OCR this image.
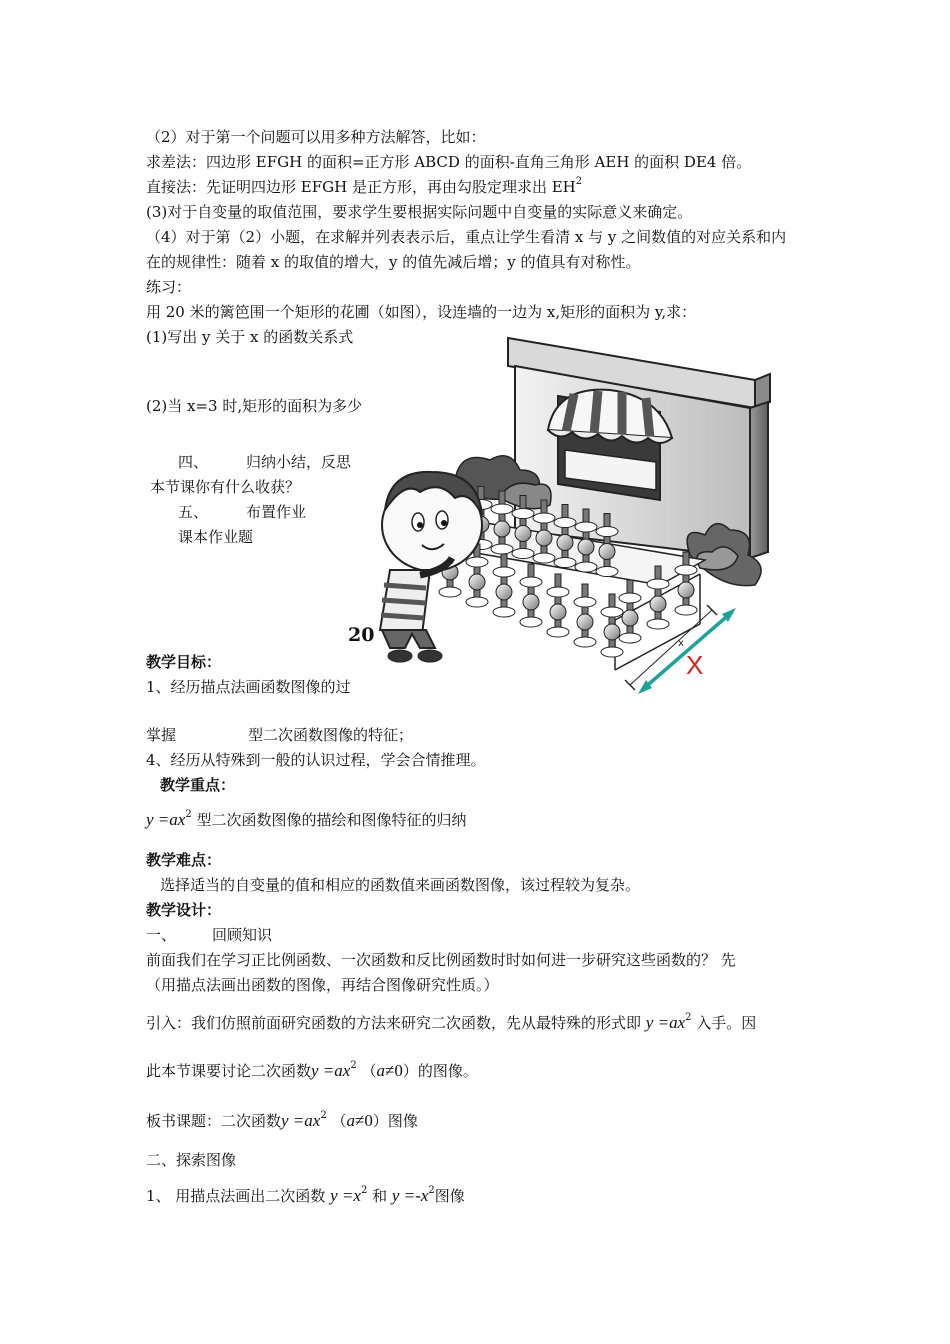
（2）对于第一个问题可以用多种方法解答，比如：
求差法：四边形 EFGH 的面积=正方形 ABCD 的面积-直角三角形 AEH 的面积 DE4 倍。
直接法：先证明四边形 EFGH 是正方形，再由勾股定理求出 $EH^2$
(3)对于自变量的取值范围，要求学生要根据实际问题中自变量的实际意义来确定。
（4）对于第（2）小题，在求解并列表表示后，重点让学生看清 x 与 y 之间数值的对应关系和内
在的规律性：随着 x 的取值的增大，y 的值先减后增；y 的值具有对称性。
练习：
用 20 米的篱笆围一个矩形的花圃（如图），设连墙的一边为 x,矩形的面积为 y,求：
(1)写出 y 关于 x 的函数关系式
(2)当 x=3 时,矩形的面积为多少
四、	归纳小结，反思
本节课你有什么收获？
五、	布置作业
课本作业题
20
教学目标：
1、经历描点法画函数图像的过
掌握	型二次函数图像的特征；
4、经历从特殊到一般的认识过程，学会合情推理。
教学重点：
$y =ax^2$ 型二次函数图像的描绘和图像特征的归纳
教学难点：
选择适当的自变量的值和相应的函数值来画函数图像，该过程较为复杂。
教学设计：
一、 回顾知识
前面我们在学习正比例函数、一次函数和反比例函数时时如何进一步研究这些函数的？ 先
（用描点法画出函数的图像，再结合图像研究性质。）
引入：我们仿照前面研究函数的方法来研究二次函数，先从最特殊的形式即 $y =ax^2$ 入手。因
此本节课要讨论二次函数$y =ax^2$ （a≠0）的图像。
板书课题：二次函数$y =ax^2$ （a≠0）图像
二、探索图像
1、 用描点法画出二次函数 $y =x^2$ 和 $y =-x^2$图像
x
X
